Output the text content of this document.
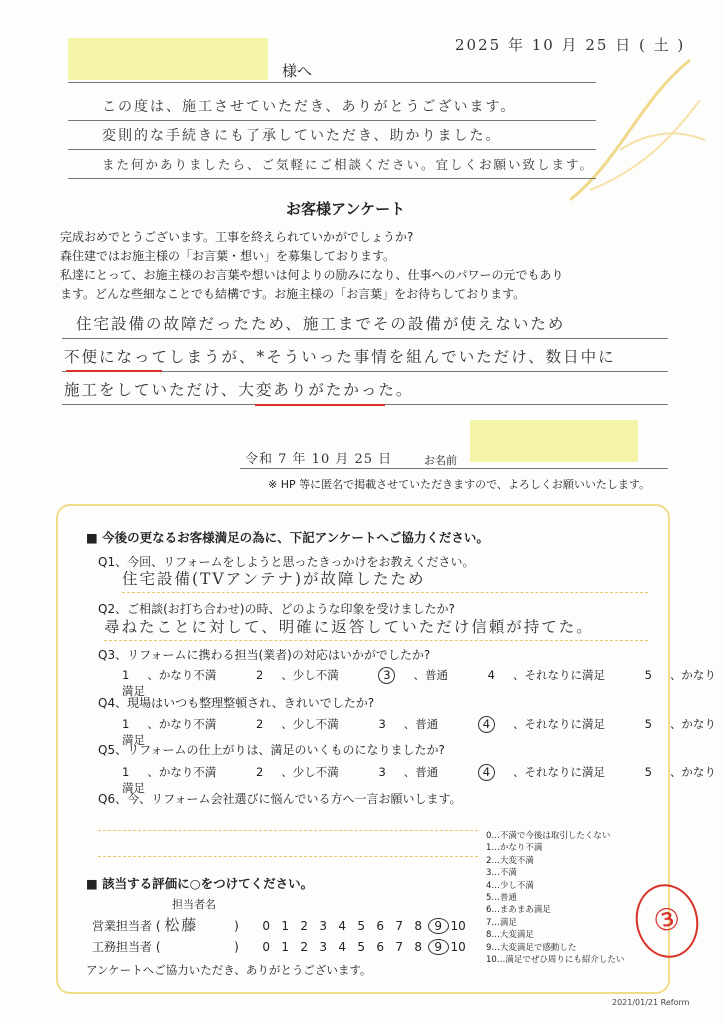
2025 年 10 月 25 日 ( 土 )
様へ
この度は、施工させていただき、ありがとうございます。
変則的な手続きにも了承していただき、助かりました。
また何かありましたら、ご気軽にご相談ください。宜しくお願い致します。
お客様アンケート
完成おめでとうございます。工事を終えられていかがでしょうか?
森住建ではお施主様の「お言葉・想い」を募集しております。
私達にとって、お施主様のお言葉や想いは何よりの励みになり、仕事へのパワーの元でもあり
ます。どんな些細なことでも結構です。お施主様の「お言葉」をお待ちしております。
住宅設備の故障だったため、施工までその設備が使えないため
不便になってしまうが、*そういった事情を組んでいただけ、数日中に
施工をしていただけ、大変ありがたかった。
令和 7 年 10 月 25 日	お名前
※ HP 等に匿名で掲載させていただきますので、よろしくお願いいたします。
■ 今後の更なるお客様満足の為に、下記アンケートへご協力ください。
Q1、今回、リフォームをしようと思ったきっかけをお教えください。
住宅設備(TVアンテナ)が故障したため
Q2、ご相談(お打ち合わせ)の時、どのような印象を受けましたか?
尋ねたことに対して、明確に返答していただけ信頼が持てた。
Q3、リフォームに携わる担当(業者)の対応はいかがでしたか?
1 、かなり不満	2 、少し不満	3 、普通	4 、それなりに満足	5 、かなり満足
Q4、現場はいつも整理整頓され、きれいでしたか?
1 、かなり不満	2 、少し不満	3 、普通	4 、それなりに満足	5 、かなり満足
Q5、リフォームの仕上がりは、満足のいくものになりましたか?
1 、かなり不満	2 、少し不満	3 、普通	4 、それなりに満足	5 、かなり満足
Q6、今、リフォーム会社選びに悩んでいる方へ一言お願いします。
0…不満で今後は取引したくない
1…かなり不満
2…大変不満
3…不満
4…少し不満
5…普通
6…まあまあ満足
7…満足
8…大変満足
9…大変満足で感動した
10…満足でぜひ周りにも紹介したい
■ 該当する評価に○をつけてください。
担当者名
営業担当者 ( 松藤	) 0 1 2 3 4 5 6 7 8 9 10
工務担当者 (	) 0 1 2 3 4 5 6 7 8 9 10
アンケートへご協力いただき、ありがとうございます。
③
2021/01/21 Reform
